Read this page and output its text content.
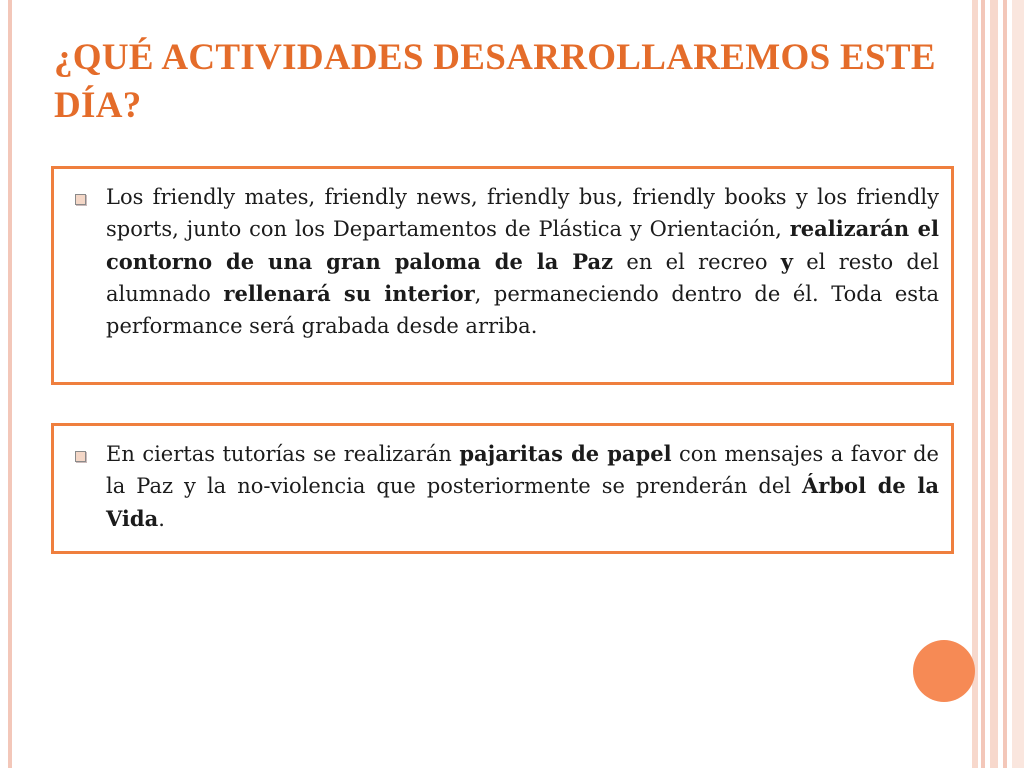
¿QUÉ ACTIVIDADES DESARROLLAREMOS ESTE DÍA?
Los friendly mates, friendly news, friendly bus, friendly books y los friendly sports, junto con los Departamentos de Plástica y Orientación, realizarán el contorno de una gran paloma de la Paz en el recreo y el resto del alumnado rellenará su interior, permaneciendo dentro de él. Toda esta performance será grabada desde arriba.
En ciertas tutorías se realizarán pajaritas de papel con mensajes a favor de la Paz y la no-violencia que posteriormente se prenderán del Árbol de la Vida.
